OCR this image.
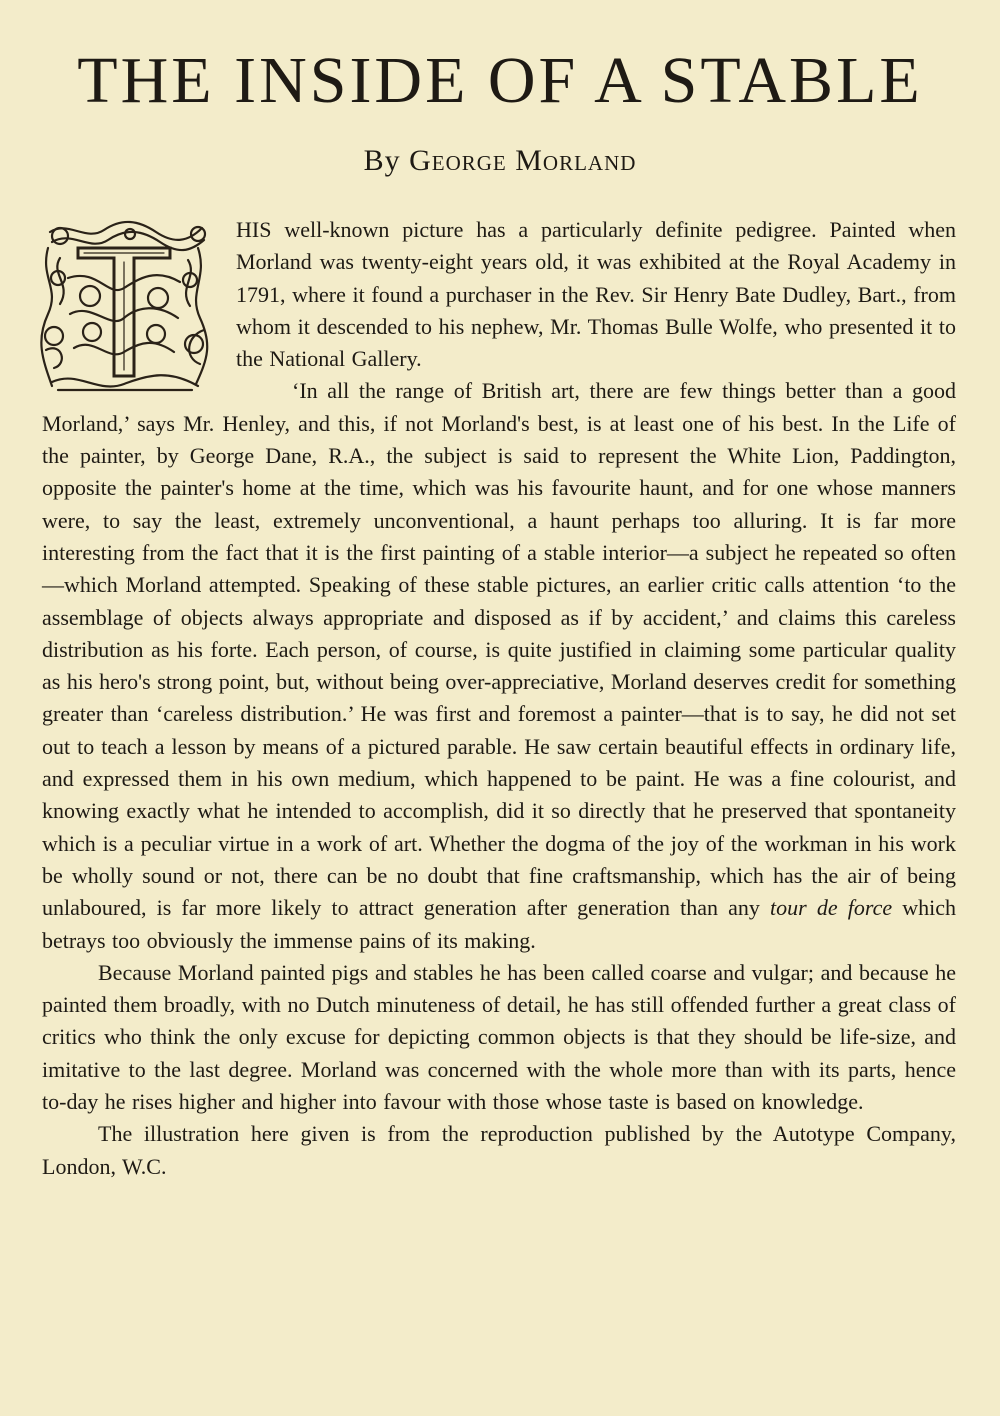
THE INSIDE OF A STABLE
By George Morland

HIS well-known picture has a particularly definite pedigree. Painted when Morland was twenty-eight years old, it was exhibited at the Royal Academy in 1791, where it found a purchaser in the Rev. Sir Henry Bate Dudley, Bart., from whom it descended to his nephew, Mr. Thomas Bulle Wolfe, who presented it to the National Gallery.

‘In all the range of British art, there are few things better than a good Morland,’ says Mr. Henley, and this, if not Morland's best, is at least one of his best. In the Life of the painter, by George Dane, R.A., the subject is said to represent the White Lion, Paddington, opposite the painter's home at the time, which was his favourite haunt, and for one whose manners were, to say the least, extremely unconventional, a haunt perhaps too alluring. It is far more interesting from the fact that it is the first painting of a stable interior—a subject he repeated so often—which Morland attempted. Speaking of these stable pictures, an earlier critic calls attention ‘to the assemblage of objects always appropriate and disposed as if by accident,’ and claims this careless distribution as his forte. Each person, of course, is quite justified in claiming some particular quality as his hero's strong point, but, without being over-appreciative, Morland deserves credit for something greater than ‘careless distribution.’ He was first and foremost a painter—that is to say, he did not set out to teach a lesson by means of a pictured parable. He saw certain beautiful effects in ordinary life, and expressed them in his own medium, which happened to be paint. He was a fine colourist, and knowing exactly what he intended to accomplish, did it so directly that he preserved that spontaneity which is a peculiar virtue in a work of art. Whether the dogma of the joy of the workman in his work be wholly sound or not, there can be no doubt that fine craftsmanship, which has the air of being unlaboured, is far more likely to attract generation after generation than any tour de force which betrays too obviously the immense pains of its making.

Because Morland painted pigs and stables he has been called coarse and vulgar; and because he painted them broadly, with no Dutch minuteness of detail, he has still offended further a great class of critics who think the only excuse for depicting common objects is that they should be life-size, and imitative to the last degree. Morland was concerned with the whole more than with its parts, hence to-day he rises higher and higher into favour with those whose taste is based on knowledge.

The illustration here given is from the reproduction published by the Autotype Company, London, W.C.
